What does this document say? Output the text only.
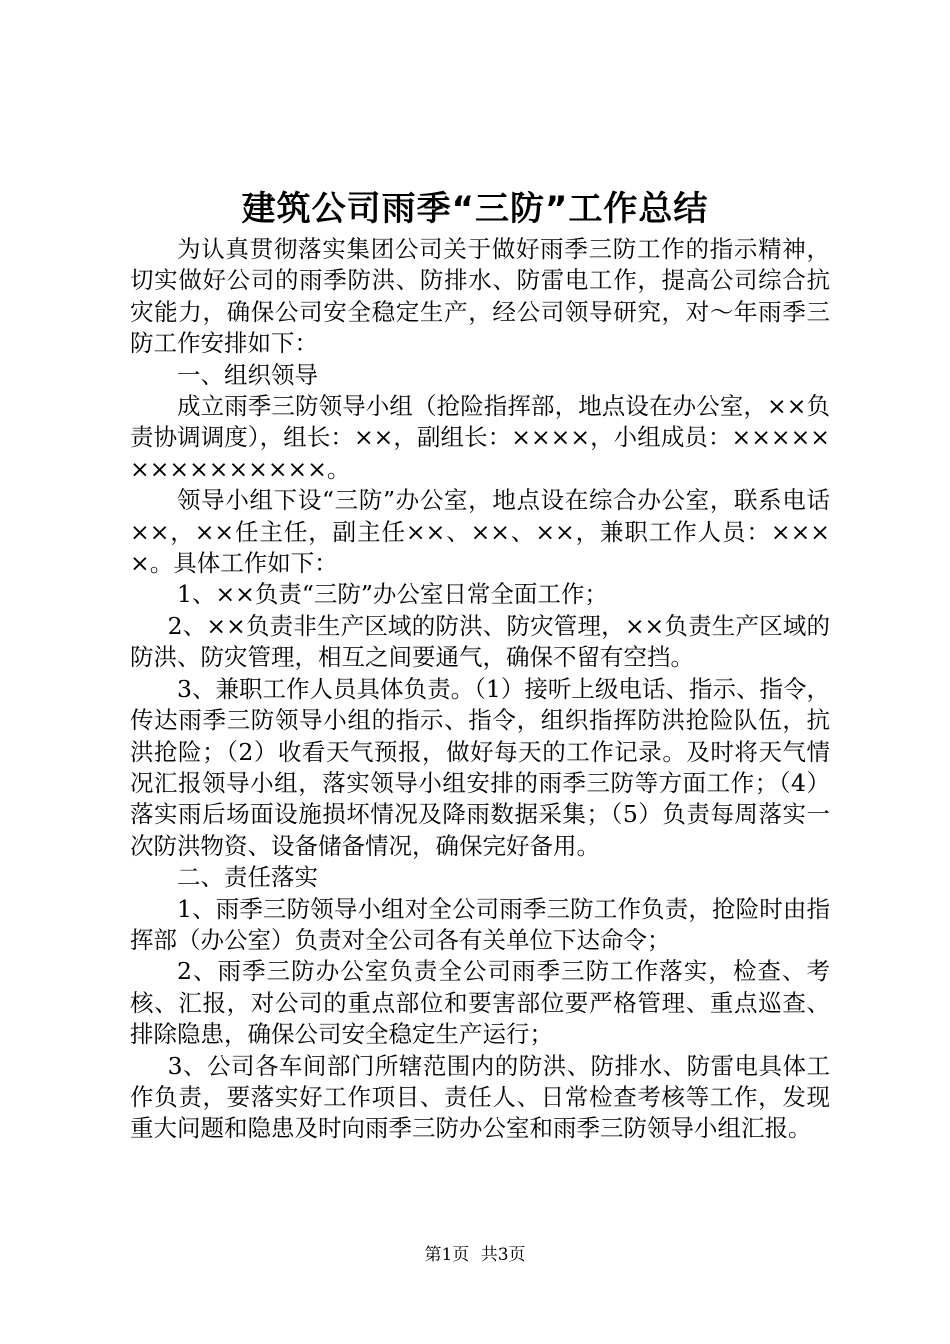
建筑公司雨季“三防”工作总结

为认真贯彻落实集团公司关于做好雨季三防工作的指示精神，切实做好公司的雨季防洪、防排水、防雷电工作，提高公司综合抗灾能力，确保公司安全稳定生产，经公司领导研究，对～年雨季三防工作安排如下：

一、组织领导

成立雨季三防领导小组（抢险指挥部，地点设在办公室，××负责协调调度），组长：××，副组长：××××，小组成员：×××××××××××××××。

领导小组下设“三防”办公室，地点设在综合办公室，联系电话××，××任主任，副主任××、××、××，兼职工作人员：××××。具体工作如下：

1、××负责“三防”办公室日常全面工作；

2、××负责非生产区域的防洪、防灾管理，××负责生产区域的防洪、防灾管理，相互之间要通气，确保不留有空挡。

3、兼职工作人员具体负责。（1）接听上级电话、指示、指令，传达雨季三防领导小组的指示、指令，组织指挥防洪抢险队伍，抗洪抢险；（2）收看天气预报，做好每天的工作记录。及时将天气情况汇报领导小组，落实领导小组安排的雨季三防等方面工作；（4）落实雨后场面设施损坏情况及降雨数据采集；（5）负责每周落实一次防洪物资、设备储备情况，确保完好备用。

二、责任落实

1、雨季三防领导小组对全公司雨季三防工作负责，抢险时由指挥部（办公室）负责对全公司各有关单位下达命令；

2、雨季三防办公室负责全公司雨季三防工作落实，检查、考核、汇报，对公司的重点部位和要害部位要严格管理、重点巡查、排除隐患，确保公司安全稳定生产运行；

3、公司各车间部门所辖范围内的防洪、防排水、防雷电具体工作负责，要落实好工作项目、责任人、日常检查考核等工作，发现重大问题和隐患及时向雨季三防办公室和雨季三防领导小组汇报。

第1页 共3页
